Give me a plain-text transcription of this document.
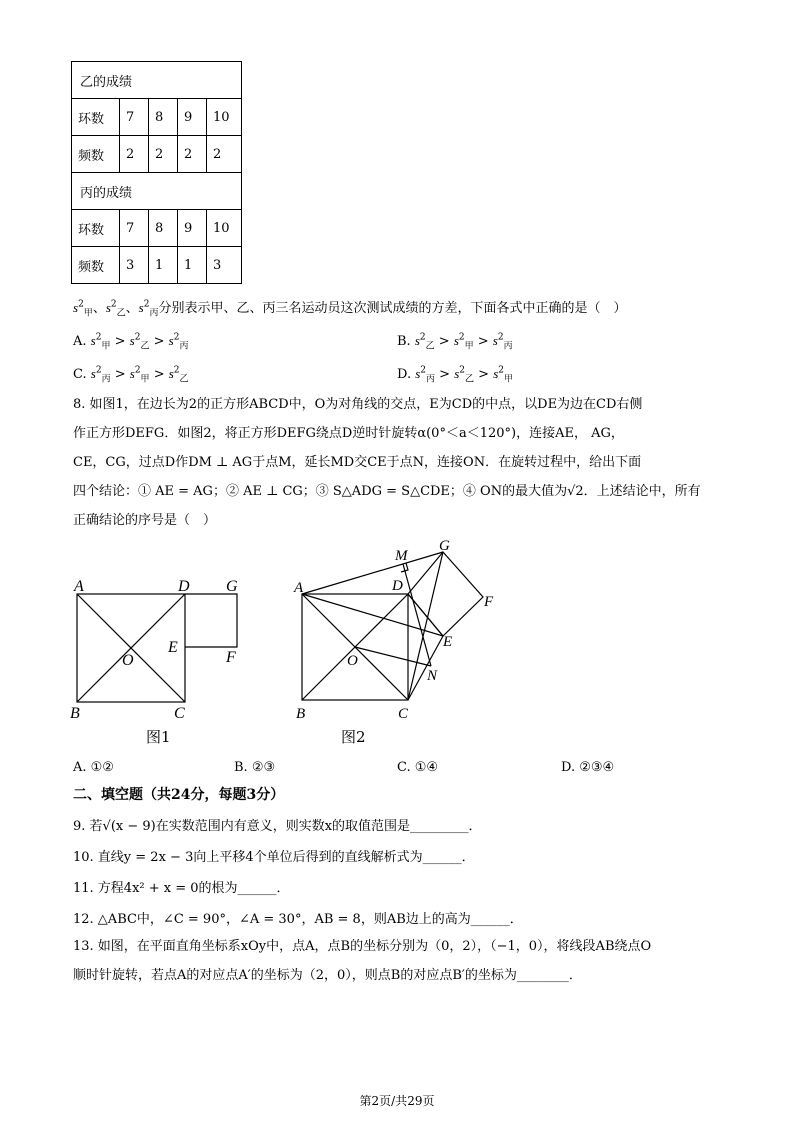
乙的成绩				
环数	7	8	9	10
频数	2	2	2	2
丙的成绩				
环数	7	8	9	10
频数	3	1	1	3
$s^2_甲$、$s^2_乙$、$s^2_丙$分别表示甲、乙、丙三名运动员这次测试成绩的方差，下面各式中正确的是（　）
A. $s^2_甲 > s^2_乙 > s^2_丙$	B. $s^2_乙 > s^2_甲 > s^2_丙$
C. $s^2_丙 > s^2_甲 > s^2_乙$	D. $s^2_丙 > s^2_乙 > s^2_甲$
8. 如图1，在边长为2的正方形ABCD中，O为对角线的交点，E为CD的中点，以DE为边在CD右侧
作正方形DEFG．如图2，将正方形DEFG绕点D逆时针旋转α(0°＜a＜120°)，连接AE， AG，
CE，CG，过点D作DM ⊥ AG于点M，延长MD交CE于点N，连接ON．在旋转过程中，给出下面
四个结论：① AE = AG；② AE ⊥ CG；③ S△ADG = S△CDE；④ ON的最大值为√2．上述结论中，所有
正确结论的序号是（　）
A	D G
O
E
F
B	C
图1
A
M
G
D
F
O
E
N
B	C
图2
A. ①②	B. ②③	C. ①④	D. ②③④
二、填空题（共24分，每题3分）
9. 若√(x − 9)在实数范围内有意义，则实数x的取值范围是_________．
10. 直线y = 2x − 3向上平移4个单位后得到的直线解析式为______．
11. 方程4x² + x = 0的根为______．
12. △ABC中，∠C = 90°，∠A = 30°，AB = 8，则AB边上的高为______．
13. 如图，在平面直角坐标系xOy中，点A，点B的坐标分别为（0，2），（−1，0），将线段AB绕点O
顺时针旋转，若点A的对应点A′的坐标为（2，0），则点B的对应点B′的坐标为________．
第2页/共29页
